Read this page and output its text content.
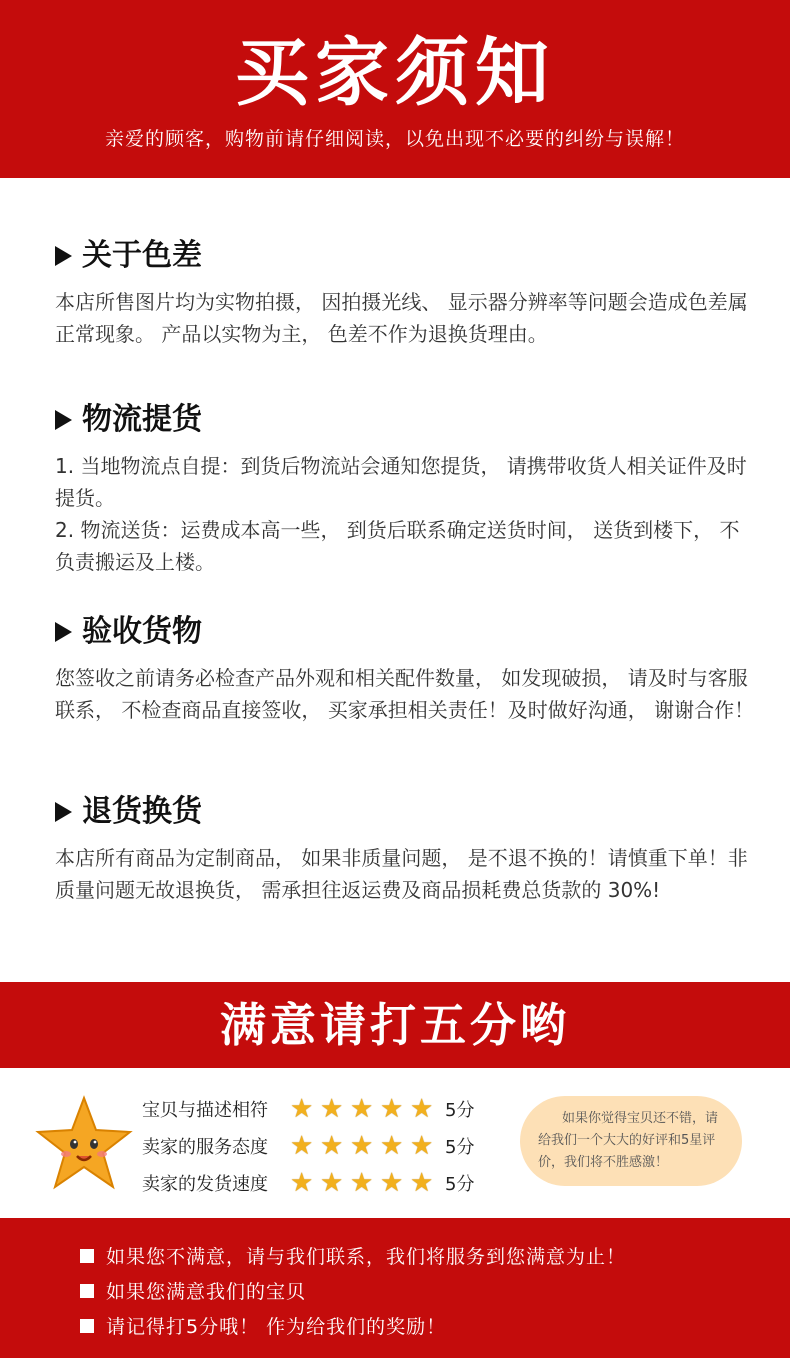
买家须知
亲爱的顾客，购物前请仔细阅读，以免出现不必要的纠纷与误解！
关于色差

本店所售图片均为实物拍摄， 因拍摄光线、 显示器分辨率等问题会造成色差属正常现象。 产品以实物为主， 色差不作为退换货理由。

物流提货

1. 当地物流点自提：到货后物流站会通知您提货， 请携带收货人相关证件及时提货。

2. 物流送货：运费成本高一些， 到货后联系确定送货时间， 送货到楼下， 不负责搬运及上楼。

验收货物

您签收之前请务必检查产品外观和相关配件数量， 如发现破损， 请及时与客服联系， 不检查商品直接签收， 买家承担相关责任！及时做好沟通， 谢谢合作！

退货换货

本店所有商品为定制商品， 如果非质量问题， 是不退不换的！请慎重下单！非质量问题无故退换货， 需承担往返运费及商品损耗费总货款的 30%!

满意请打五分哟
宝贝与描述相符 ★ ★ ★ ★ ★ 5分
卖家的服务态度 ★ ★ ★ ★ ★ 5分
卖家的发货速度 ★ ★ ★ ★ ★ 5分
如果你觉得宝贝还不错，请给我们一个大大的好评和5星评价，我们将不胜感激！
如果您不满意，请与我们联系，我们将服务到您满意为止！
如果您满意我们的宝贝
请记得打5分哦！ 作为给我们的奖励！
